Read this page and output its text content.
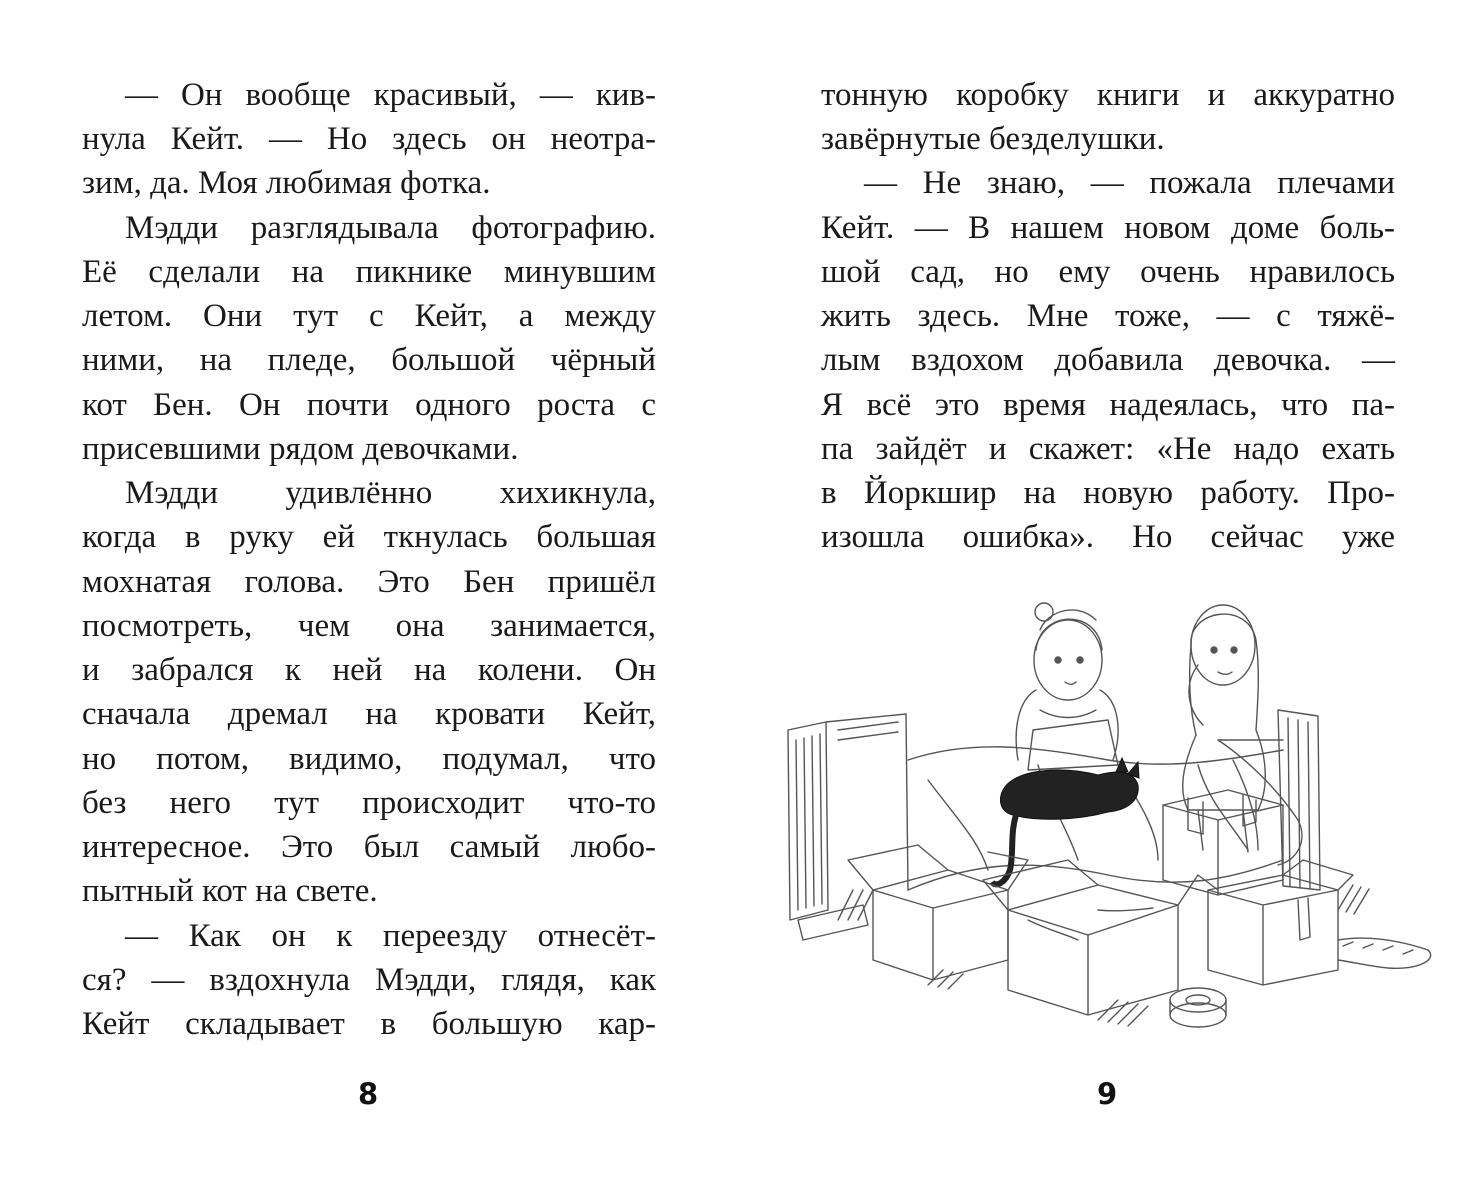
— Он вообще красивый, — кив-
нула Кейт. — Но здесь он неотра-
зим, да. Моя любимая фотка.
Мэдди разглядывала фотографию.
Её сделали на пикнике минувшим
летом. Они тут с Кейт, а между
ними, на пледе, большой чёрный
кот Бен. Он почти одного роста с
присевшими рядом девочками.
Мэдди удивлённо хихикнула,
когда в руку ей ткнулась большая
мохнатая голова. Это Бен пришёл
посмотреть, чем она занимается,
и забрался к ней на колени. Он
сначала дремал на кровати Кейт,
но потом, видимо, подумал, что
без него тут происходит что-то
интересное. Это был самый любо-
пытный кот на свете.
— Как он к переезду отнесёт-
ся? — вздохнула Мэдди, глядя, как
Кейт складывает в большую кар-
8
тонную коробку книги и аккуратно
завёрнутые безделушки.
— Не знаю, — пожала плечами
Кейт. — В нашем новом доме боль-
шой сад, но ему очень нравилось
жить здесь. Мне тоже, — с тяжё-
лым вздохом добавила девочка. —
Я всё это время надеялась, что па-
па зайдёт и скажет: «Не надо ехать
в Йоркшир на новую работу. Про-
изошла ошибка». Но сейчас уже
9
